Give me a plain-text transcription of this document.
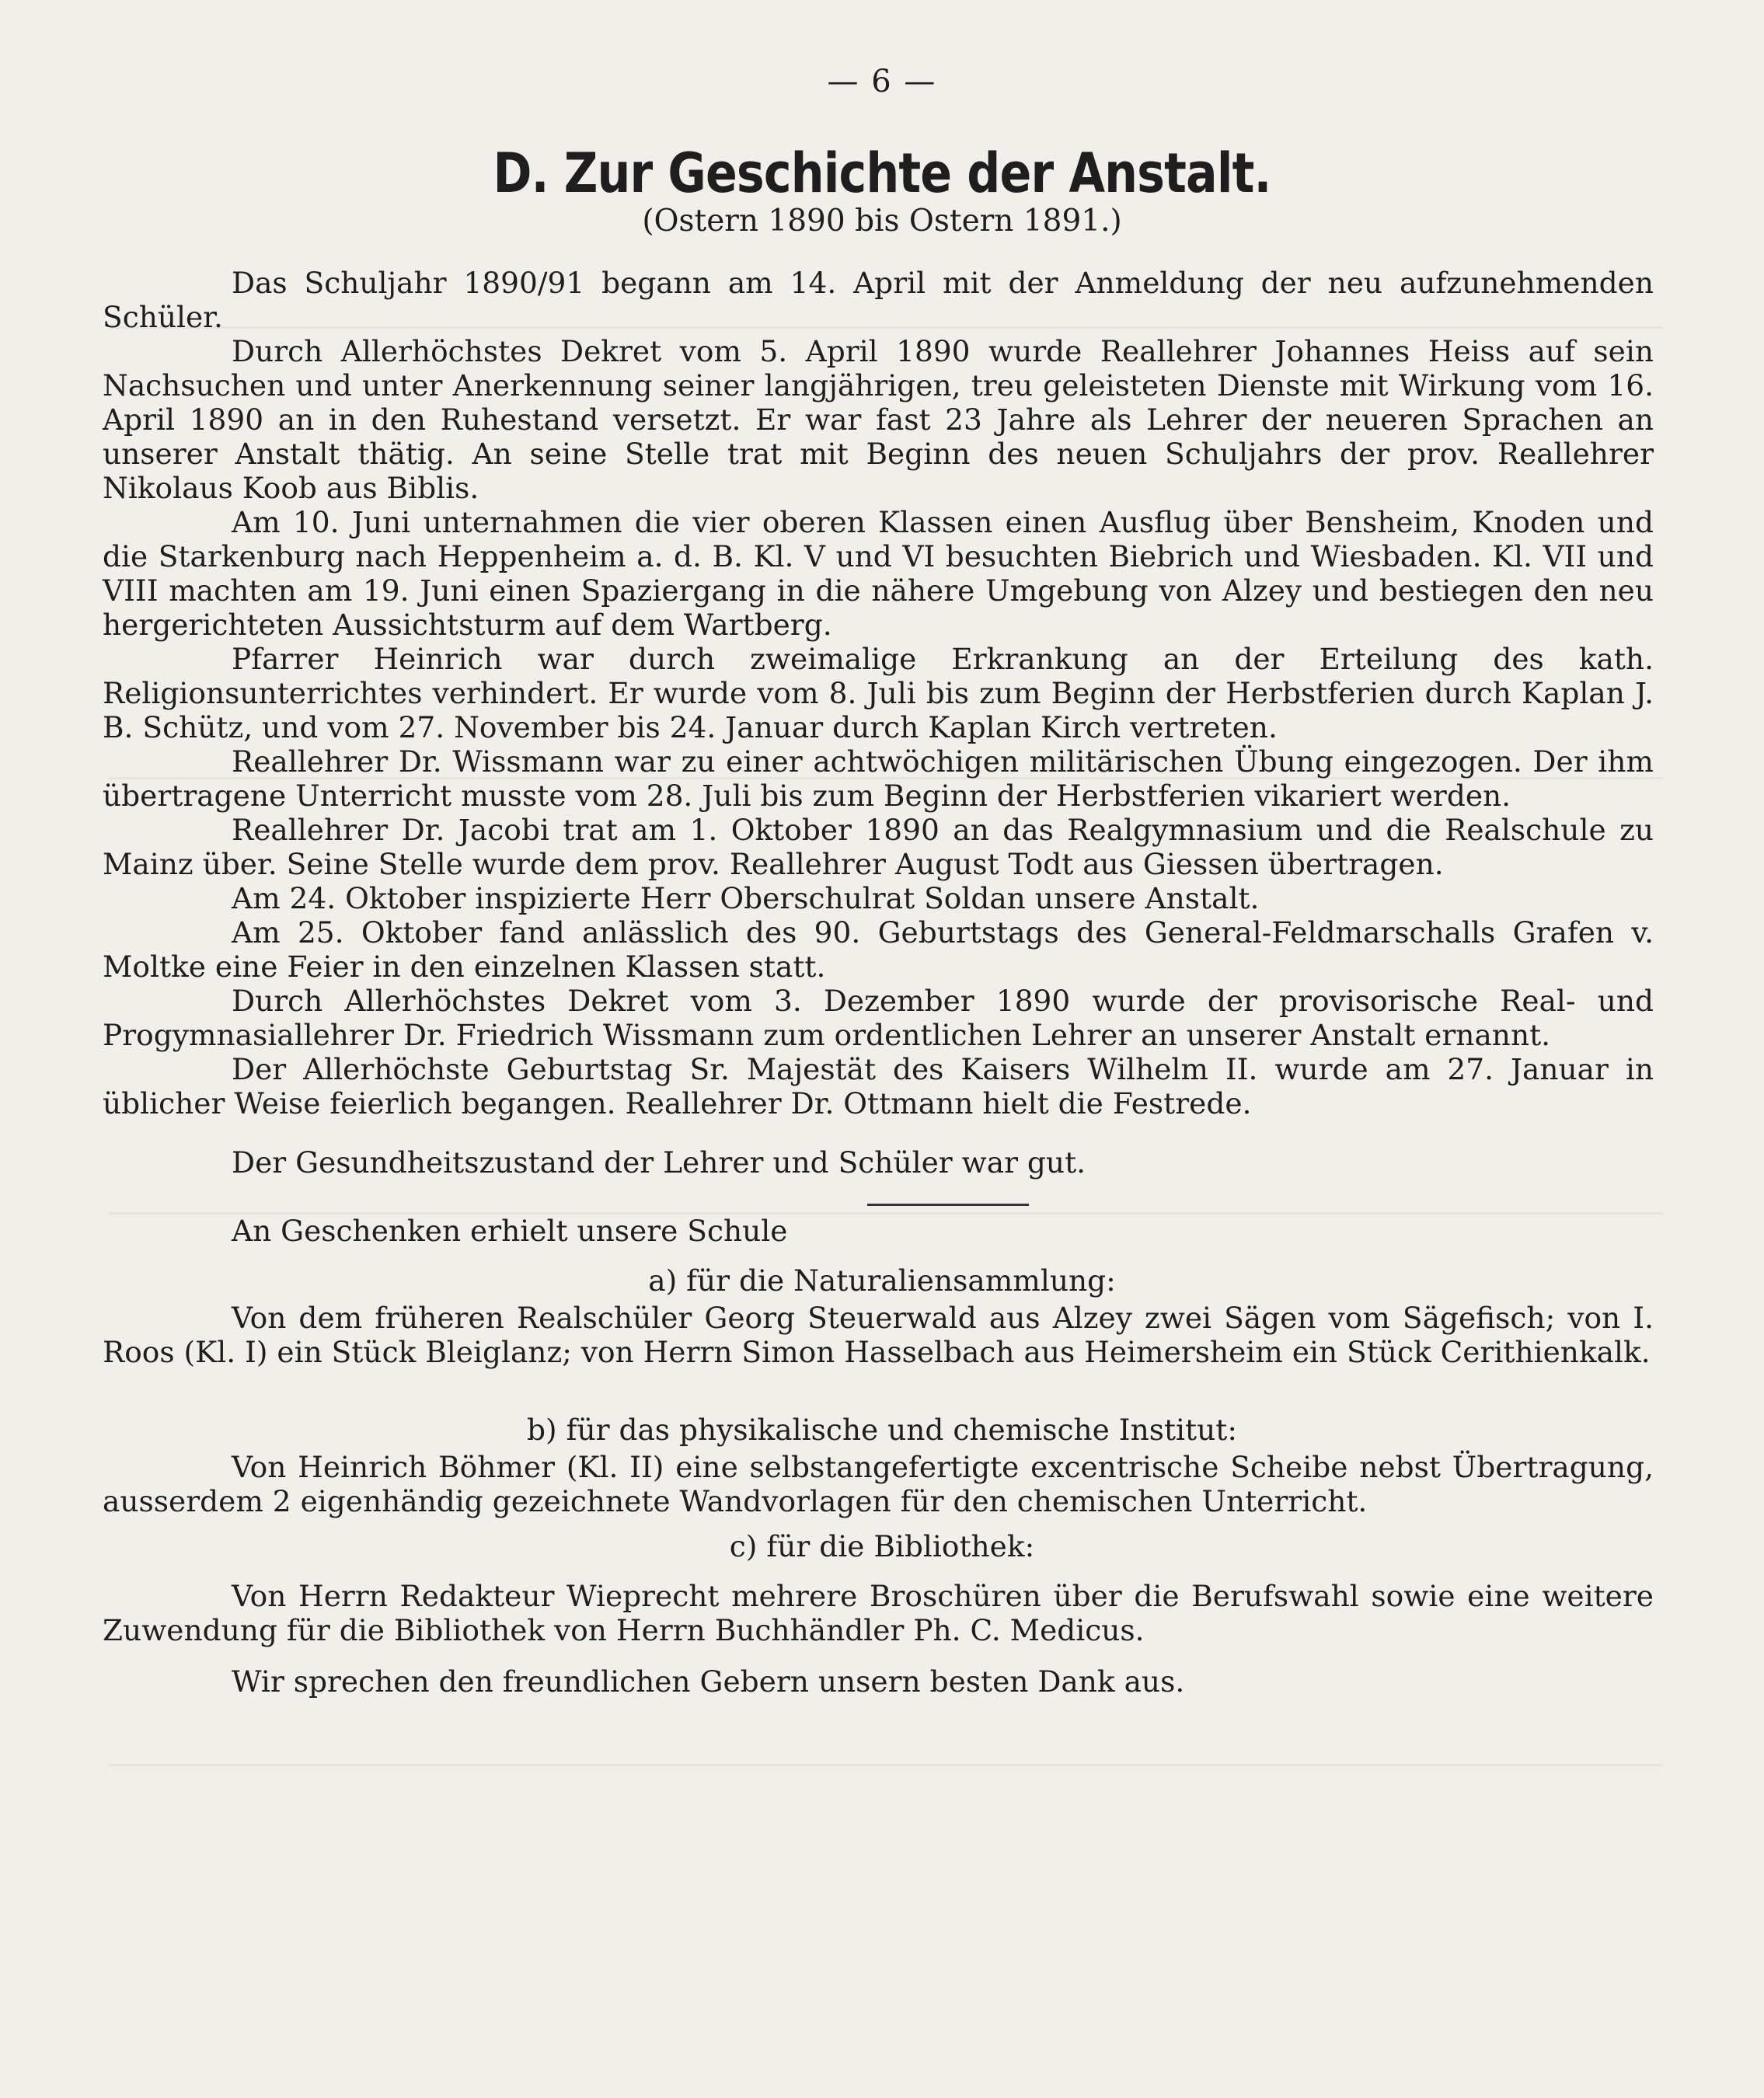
— 6 —
D. Zur Geschichte der Anstalt.
(Ostern 1890 bis Ostern 1891.)

Das Schuljahr 1890/91 begann am 14. April mit der Anmeldung der neu aufzunehmenden Schüler.

Durch Allerhöchstes Dekret vom 5. April 1890 wurde Reallehrer Johannes Heiss auf sein Nachsuchen und unter Anerkennung seiner langjährigen, treu geleisteten Dienste mit Wirkung vom 16. April 1890 an in den Ruhestand versetzt. Er war fast 23 Jahre als Lehrer der neueren Sprachen an unserer Anstalt thätig. An seine Stelle trat mit Beginn des neuen Schuljahrs der prov. Reallehrer Nikolaus Koob aus Biblis.

Am 10. Juni unternahmen die vier oberen Klassen einen Ausflug über Bensheim, Knoden und die Starkenburg nach Heppenheim a. d. B. Kl. V und VI besuchten Biebrich und Wiesbaden. Kl. VII und VIII machten am 19. Juni einen Spaziergang in die nähere Umgebung von Alzey und bestiegen den neu hergerichteten Aussichtsturm auf dem Wartberg.

Pfarrer Heinrich war durch zweimalige Erkrankung an der Erteilung des kath. Religionsunterrichtes verhindert. Er wurde vom 8. Juli bis zum Beginn der Herbstferien durch Kaplan J. B. Schütz, und vom 27. November bis 24. Januar durch Kaplan Kirch vertreten.

Reallehrer Dr. Wissmann war zu einer achtwöchigen militärischen Übung eingezogen. Der ihm übertragene Unterricht musste vom 28. Juli bis zum Beginn der Herbstferien vikariert werden.

Reallehrer Dr. Jacobi trat am 1. Oktober 1890 an das Realgymnasium und die Realschule zu Mainz über. Seine Stelle wurde dem prov. Reallehrer August Todt aus Giessen übertragen.

Am 24. Oktober inspizierte Herr Oberschulrat Soldan unsere Anstalt.

Am 25. Oktober fand anlässlich des 90. Geburtstags des General-Feldmarschalls Grafen v. Moltke eine Feier in den einzelnen Klassen statt.

Durch Allerhöchstes Dekret vom 3. Dezember 1890 wurde der provisorische Real- und Progymnasiallehrer Dr. Friedrich Wissmann zum ordentlichen Lehrer an unserer Anstalt ernannt.

Der Allerhöchste Geburtstag Sr. Majestät des Kaisers Wilhelm II. wurde am 27. Januar in üblicher Weise feierlich begangen. Reallehrer Dr. Ottmann hielt die Festrede.

Der Gesundheitszustand der Lehrer und Schüler war gut.

An Geschenken erhielt unsere Schule

a) für die Naturaliensammlung:

Von dem früheren Realschüler Georg Steuerwald aus Alzey zwei Sägen vom Sägefisch; von I. Roos (Kl. I) ein Stück Bleiglanz; von Herrn Simon Hasselbach aus Heimersheim ein Stück Cerithienkalk.

b) für das physikalische und chemische Institut:

Von Heinrich Böhmer (Kl. II) eine selbstangefertigte excentrische Scheibe nebst Übertragung, ausserdem 2 eigenhändig gezeichnete Wandvorlagen für den chemischen Unterricht.

c) für die Bibliothek:

Von Herrn Redakteur Wieprecht mehrere Broschüren über die Berufswahl sowie eine weitere Zuwendung für die Bibliothek von Herrn Buchhändler Ph. C. Medicus.

Wir sprechen den freundlichen Gebern unsern besten Dank aus.
